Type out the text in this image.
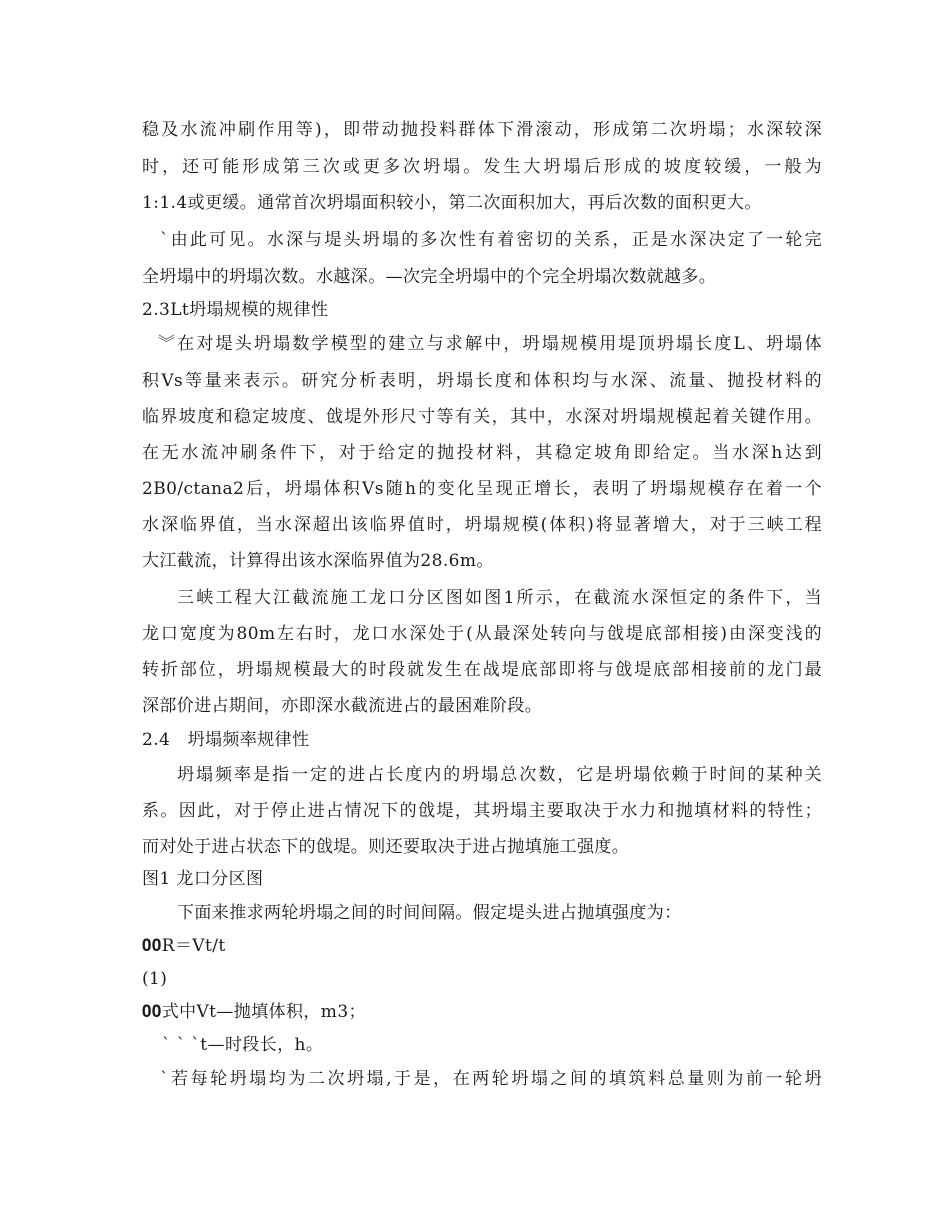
稳及水流冲刷作用等)，即带动抛投料群体下滑滚动，形成第二次坍塌；水深较深
时，还可能形成第三次或更多次坍塌。发生大坍塌后形成的坡度较缓，一般为
1:1.4或更缓。通常首次坍塌面积较小，第二次面积加大，再后次数的面积更大。
`由此可见。水深与堤头坍塌的多次性有着密切的关系，正是水深决定了一轮完
全坍塌中的坍塌次数。水越深。—次完全坍塌中的个完全坍塌次数就越多。
2.3Lt坍塌规模的规律性
︾在对堤头坍塌数学模型的建立与求解中，坍塌规模用堤顶坍塌长度L、坍塌体
积Vs等量来表示。研究分析表明，坍塌长度和体积均与水深、流量、抛投材料的
临界坡度和稳定坡度、戗堤外形尺寸等有关，其中，水深对坍塌规模起着关键作用。
在无水流冲刷条件下，对于给定的抛投材料，其稳定坡角即给定。当水深h达到
2B0/ctana2后，坍塌体积Vs随h的变化呈现正增长，表明了坍塌规模存在着一个
水深临界值，当水深超出该临界值时，坍塌规模(体积)将显著增大，对于三峡工程
大江截流，计算得出该水深临界值为28.6m。
三峡工程大江截流施工龙口分区图如图1所示，在截流水深恒定的条件下，当
龙口宽度为80m左右时，龙口水深处于(从最深处转向与戗堤底部相接)由深变浅的
转折部位，坍塌规模最大的时段就发生在战堤底部即将与戗堤底部相接前的龙门最
深部价进占期间，亦即深水截流进占的最困难阶段。
2.4　坍塌频率规律性
坍塌频率是指一定的进占长度内的坍塌总次数，它是坍塌依赖于时间的某种关
系。因此，对于停止进占情况下的戗堤，其坍塌主要取决于水力和抛填材料的特性；
而对处于进占状态下的戗堤。则还要取决于进占抛填施工强度。
图1 龙口分区图
下面来推求两轮坍塌之间的时间间隔。假定堤头进占抛填强度为：
𝟎𝟎R＝Vt/t
(1)
𝟎𝟎式中Vt—抛填体积，m3；
` ` `t—时段长，h。
`若每轮坍塌均为二次坍塌,于是，在两轮坍塌之间的填筑料总量则为前一轮坍
